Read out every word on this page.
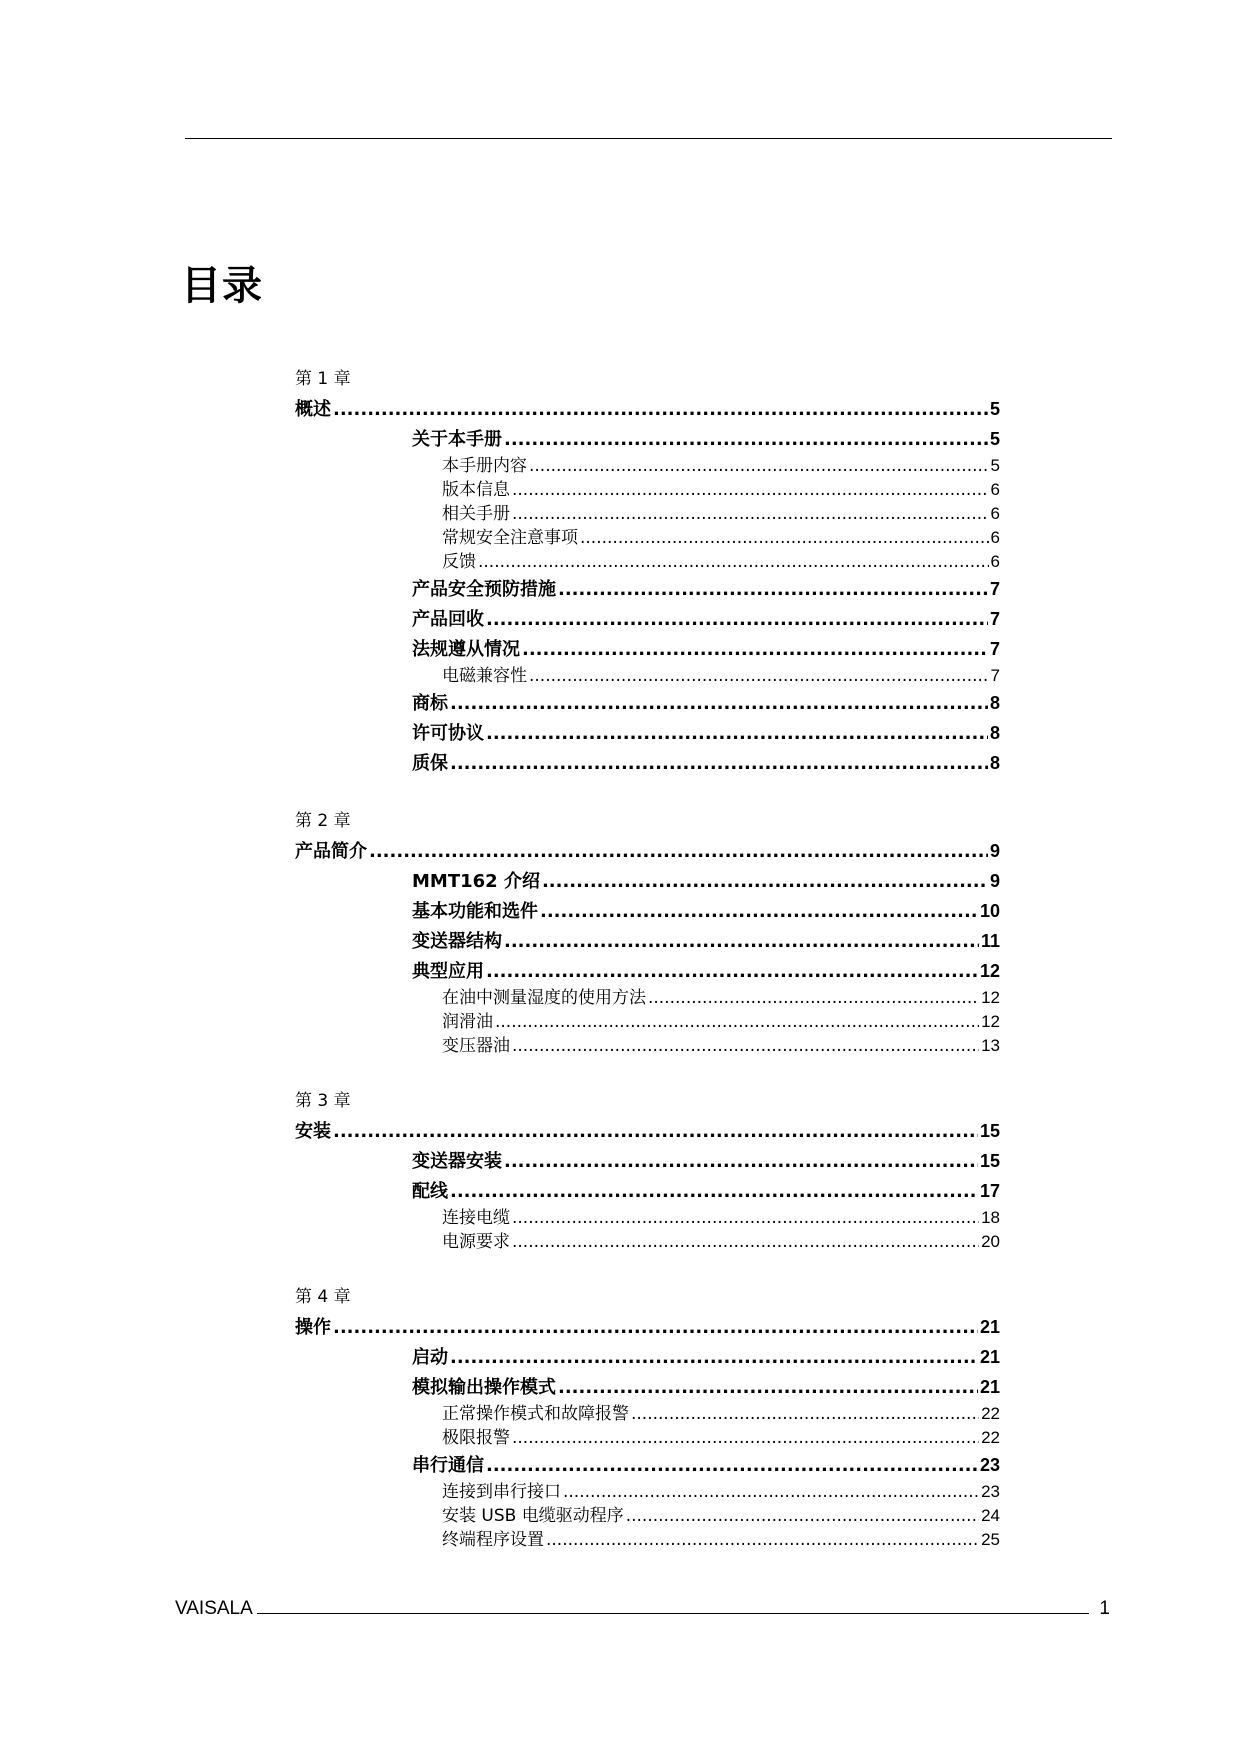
目录
第 1 章
概述 .....	5
关于本手册 .....	5
本手册内容 .....	5
版本信息 .....	6
相关手册 .....	6
常规安全注意事项 .....	6
反馈 .....	6
产品安全预防措施 .....	7
产品回收 .....	7
法规遵从情况 .....	7
电磁兼容性 .....	7
商标 .....	8
许可协议 .....	8
质保 .....	8
第 2 章
产品简介 .....	9
MMT162 介绍 .....	9
基本功能和选件 .....	10
变送器结构 .....	11
典型应用 .....	12
在油中测量湿度的使用方法 .....	12
润滑油 .....	12
变压器油 .....	13
第 3 章
安装 .....	15
变送器安装 .....	15
配线 .....	17
连接电缆 .....	18
电源要求 .....	20
第 4 章
操作 .....	21
启动 .....	21
模拟输出操作模式 .....	21
正常操作模式和故障报警 .....	22
极限报警 .....	22
串行通信 .....	23
连接到串行接口 .....	23
安装 USB 电缆驱动程序 .....	24
终端程序设置 .....	25
VAISALA	1
